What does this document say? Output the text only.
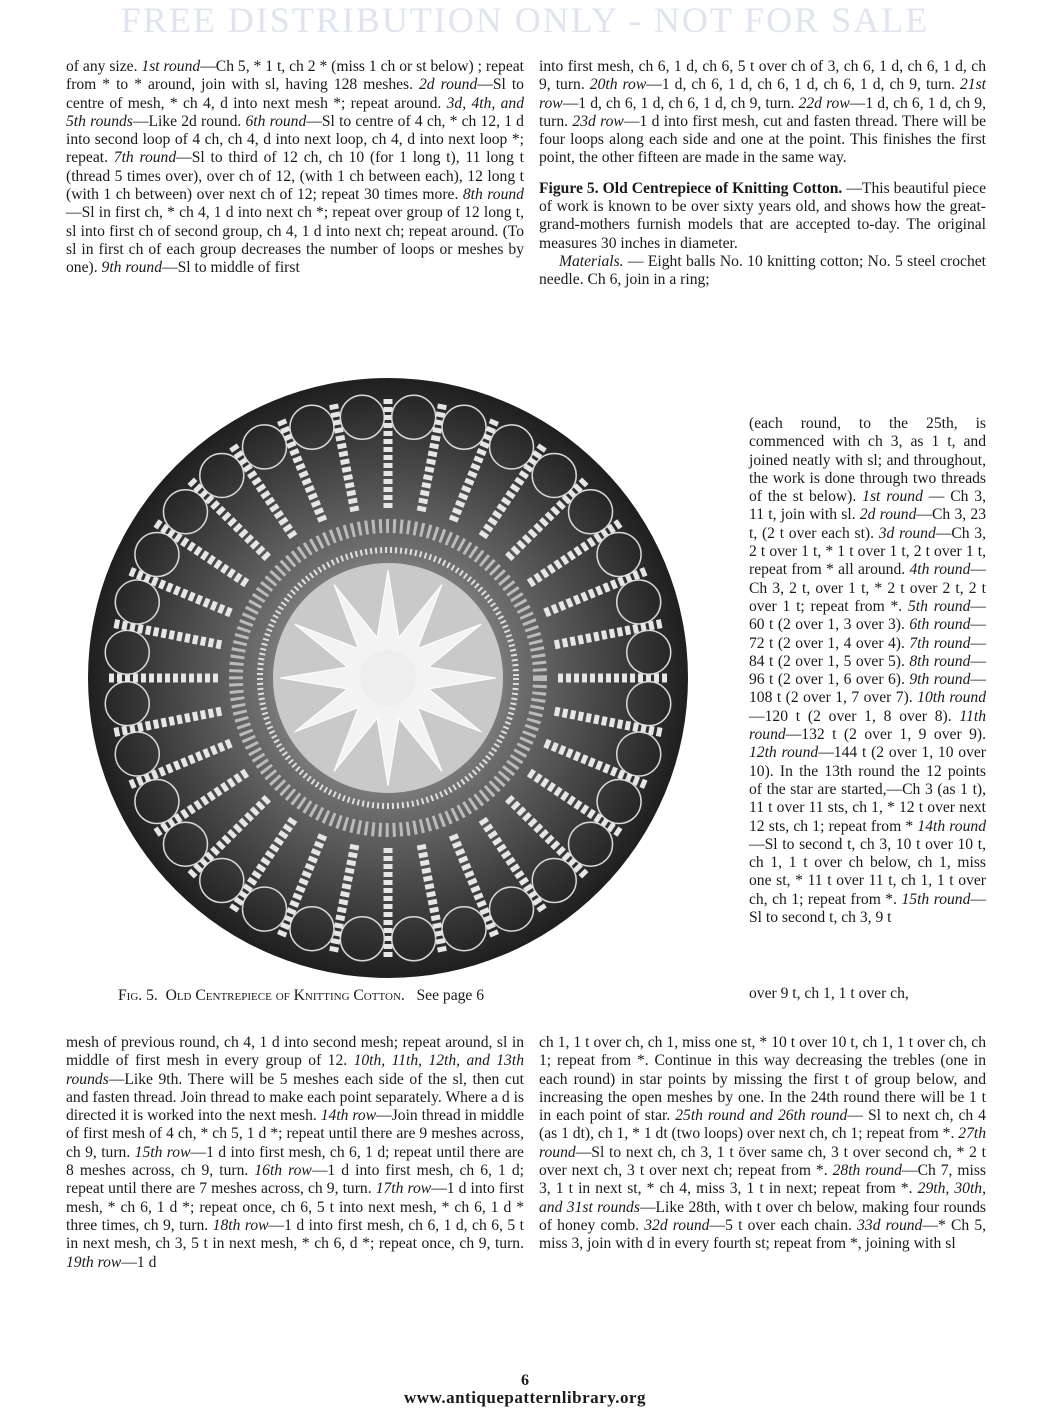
FREE DISTRIBUTION ONLY - NOT FOR SALE

of any size. 1st round—Ch 5, * 1 t, ch 2 * (miss 1 ch or st below) ; repeat from * to * around, join with sl, having 128 meshes. 2d round—Sl to centre of mesh, * ch 4, d into next mesh *; repeat around. 3d, 4th, and 5th rounds—Like 2d round. 6th round—Sl to centre of 4 ch, * ch 12, 1 d into second loop of 4 ch, ch 4, d into next loop, ch 4, d into next loop *; repeat. 7th round—Sl to third of 12 ch, ch 10 (for 1 long t), 11 long t (thread 5 times over), over ch of 12, (with 1 ch between each), 12 long t (with 1 ch between) over next ch of 12; repeat 30 times more. 8th round—Sl in first ch, * ch 4, 1 d into next ch *; repeat over group of 12 long t, sl into first ch of second group, ch 4, 1 d into next ch; repeat around. (To sl in first ch of each group decreases the number of loops or meshes by one). 9th round—Sl to middle of first

into first mesh, ch 6, 1 d, ch 6, 5 t over ch of 3, ch 6, 1 d, ch 6, 1 d, ch 9, turn. 20th row—1 d, ch 6, 1 d, ch 6, 1 d, ch 6, 1 d, ch 9, turn. 21st row—1 d, ch 6, 1 d, ch 6, 1 d, ch 9, turn. 22d row—1 d, ch 6, 1 d, ch 9, turn. 23d row—1 d into first mesh, cut and fasten thread. There will be four loops along each side and one at the point. This finishes the first point, the other fifteen are made in the same way.

Figure 5. Old Centrepiece of Knitting Cotton. —This beautiful piece of work is known to be over sixty years old, and shows how the great-grand-mothers furnish models that are accepted to-day. The original measures 30 inches in diameter.

Materials. — Eight balls No. 10 knitting cotton; No. 5 steel crochet needle. Ch 6, join in a ring;

(each round, to the 25th, is commenced with ch 3, as 1 t, and joined neatly with sl; and throughout, the work is done through two threads of the st below). 1st round — Ch 3, 11 t, join with sl. 2d round—Ch 3, 23 t, (2 t over each st). 3d round—Ch 3, 2 t over 1 t, * 1 t over 1 t, 2 t over 1 t, repeat from * all around. 4th round—Ch 3, 2 t, over 1 t, * 2 t over 2 t, 2 t over 1 t; repeat from *. 5th round— 60 t (2 over 1, 3 over 3). 6th round—72 t (2 over 1, 4 over 4). 7th round—84 t (2 over 1, 5 over 5). 8th round—96 t (2 over 1, 6 over 6). 9th round— 108 t (2 over 1, 7 over 7). 10th round—120 t (2 over 1, 8 over 8). 11th round—132 t (2 over 1, 9 over 9). 12th round—144 t (2 over 1, 10 over 10). In the 13th round the 12 points of the star are started,—Ch 3 (as 1 t), 11 t over 11 sts, ch 1, * 12 t over next 12 sts, ch 1; repeat from * 14th round—Sl to second t, ch 3, 10 t over 10 t, ch 1, 1 t over ch below, ch 1, miss one st, * 11 t over 11 t, ch 1, 1 t over ch, ch 1; repeat from *. 15th round— Sl to second t, ch 3, 9 t

Fig. 5. Old Centrepiece of Knitting Cotton. See page 6	over 9 t, ch 1, 1 t over ch,

mesh of previous round, ch 4, 1 d into second mesh; repeat around, sl in middle of first mesh in every group of 12. 10th, 11th, 12th, and 13th rounds—Like 9th. There will be 5 meshes each side of the sl, then cut and fasten thread. Join thread to make each point separately. Where a d is directed it is worked into the next mesh. 14th row—Join thread in middle of first mesh of 4 ch, * ch 5, 1 d *; repeat until there are 9 meshes across, ch 9, turn. 15th row—1 d into first mesh, ch 6, 1 d; repeat until there are 8 meshes across, ch 9, turn. 16th row—1 d into first mesh, ch 6, 1 d; repeat until there are 7 meshes across, ch 9, turn. 17th row—1 d into first mesh, * ch 6, 1 d *; repeat once, ch 6, 5 t into next mesh, * ch 6, 1 d * three times, ch 9, turn. 18th row—1 d into first mesh, ch 6, 1 d, ch 6, 5 t in next mesh, ch 3, 5 t in next mesh, * ch 6, d *; repeat once, ch 9, turn. 19th row—1 d

ch 1, 1 t over ch, ch 1, miss one st, * 10 t over 10 t, ch 1, 1 t over ch, ch 1; repeat from *. Continue in this way decreasing the trebles (one in each round) in star points by missing the first t of group below, and increasing the open meshes by one. In the 24th round there will be 1 t in each point of star. 25th round and 26th round— Sl to next ch, ch 4 (as 1 dt), ch 1, * 1 dt (two loops) over next ch, ch 1; repeat from *. 27th round—Sl to next ch, ch 3, 1 t över same ch, 3 t over second ch, * 2 t over next ch, 3 t over next ch; repeat from *. 28th round—Ch 7, miss 3, 1 t in next st, * ch 4, miss 3, 1 t in next; repeat from *. 29th, 30th, and 31st rounds—Like 28th, with t over ch below, making four rounds of honey comb. 32d round—5 t over each chain. 33d round—* Ch 5, miss 3, join with d in every fourth st; repeat from *, joining with sl

6
www.antiquepatternlibrary.org
